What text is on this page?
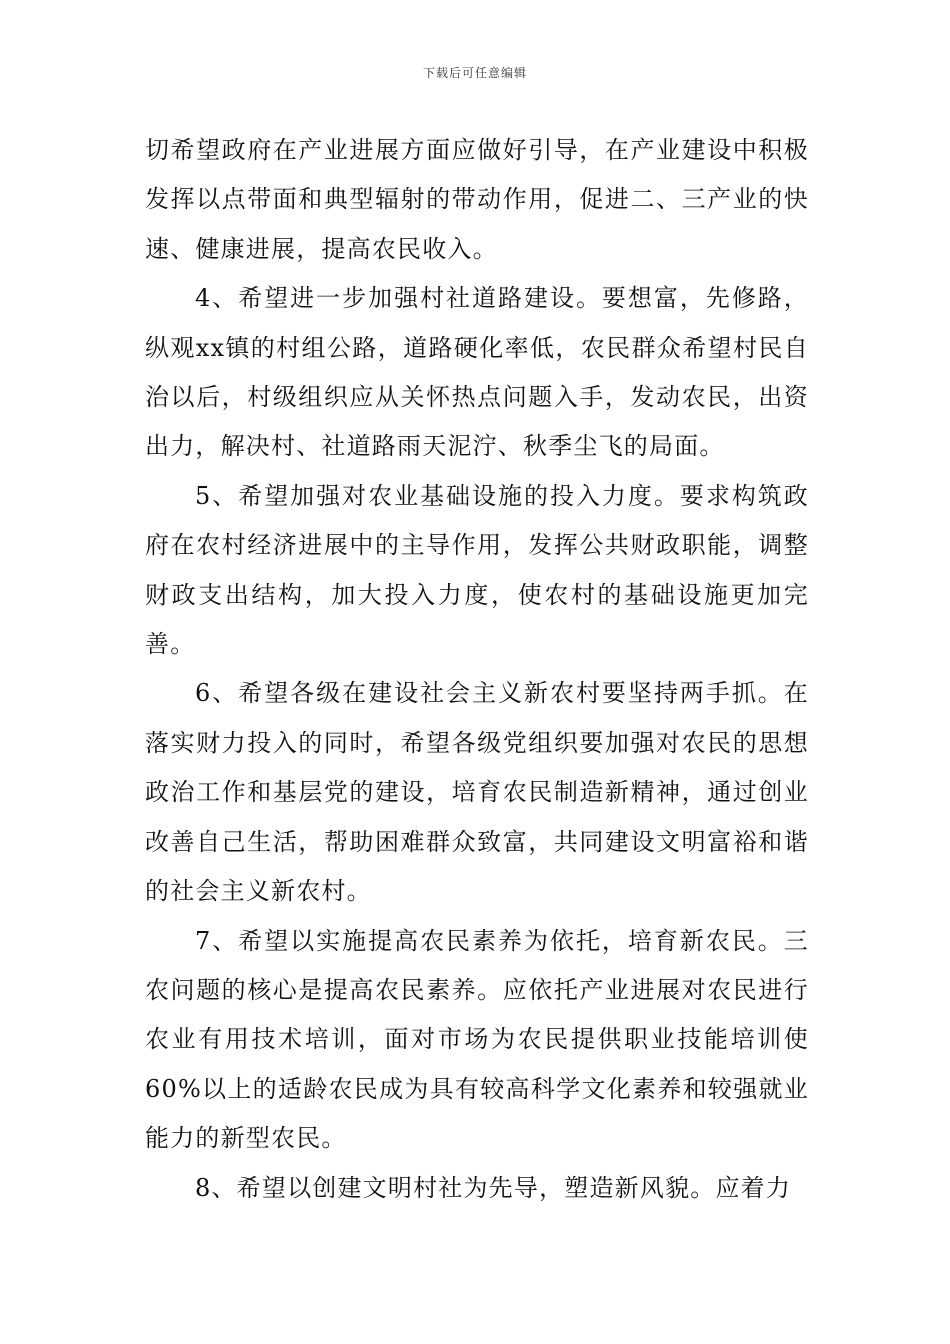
下载后可任意编辑

切希望政府在产业进展方面应做好引导，在产业建设中积极发挥以点带面和典型辐射的带动作用，促进二、三产业的快速、健康进展，提高农民收入。

4、希望进一步加强村社道路建设。要想富，先修路，纵观xx镇的村组公路，道路硬化率低，农民群众希望村民自治以后，村级组织应从关怀热点问题入手，发动农民，出资出力，解决村、社道路雨天泥泞、秋季尘飞的局面。

5、希望加强对农业基础设施的投入力度。要求构筑政府在农村经济进展中的主导作用，发挥公共财政职能，调整财政支出结构，加大投入力度，使农村的基础设施更加完善。

6、希望各级在建设社会主义新农村要坚持两手抓。在落实财力投入的同时，希望各级党组织要加强对农民的思想政治工作和基层党的建设，培育农民制造新精神，通过创业改善自己生活，帮助困难群众致富，共同建设文明富裕和谐的社会主义新农村。

7、希望以实施提高农民素养为依托，培育新农民。三农问题的核心是提高农民素养。应依托产业进展对农民进行农业有用技术培训，面对市场为农民提供职业技能培训使60%以上的适龄农民成为具有较高科学文化素养和较强就业能力的新型农民。

8、希望以创建文明村社为先导，塑造新风貌。应着力
